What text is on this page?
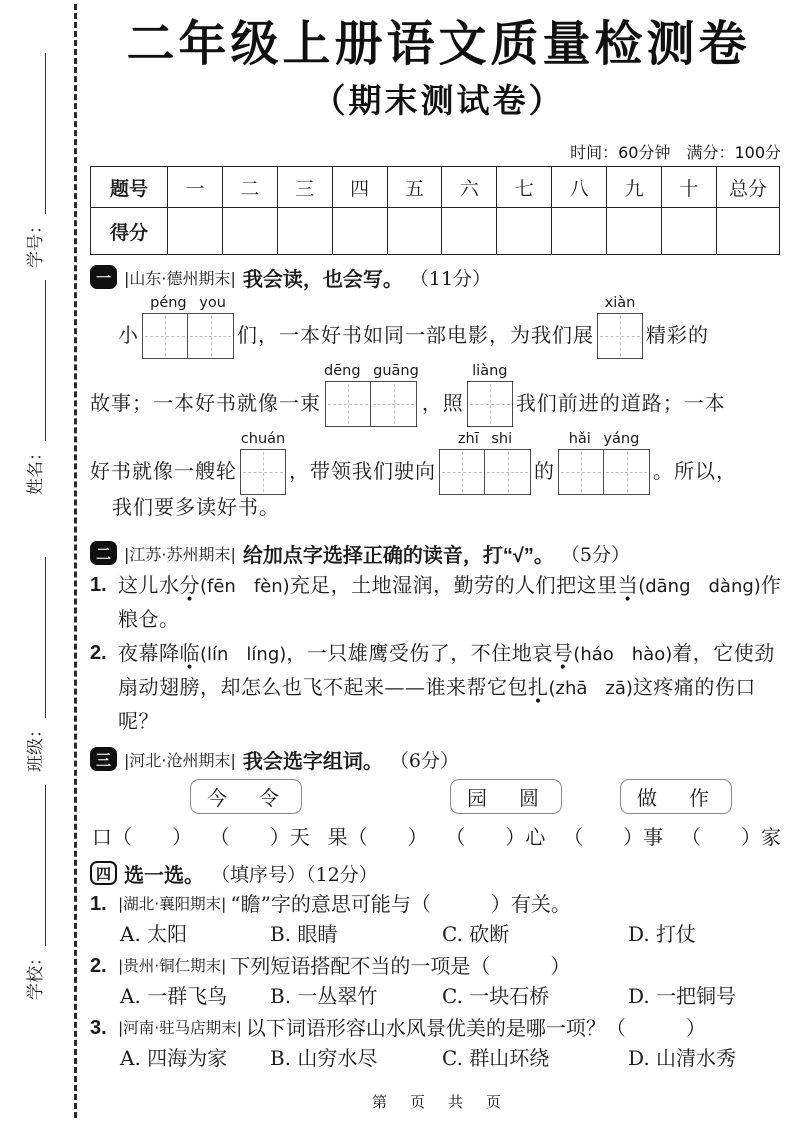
学号：
姓名：
班级：
学校：
二年级上册语文质量检测卷
（期末测试卷）
时间：60分钟　满分：100分
题号	一	二	三	四	五	六	七	八	九	十	总分
得分											
一 |山东·德州期末| 我会读，也会写。 （11分）
小
péng you
们，一本好书如同一部电影，为我们展
xiàn
精彩的
故事；一本好书就像一束
dēng guāng
，照
liàng
我们前进的道路；一本
好书就像一艘轮
chuán
，带领我们驶向
zhī shi
的
hǎi yáng
。所以，
我们要多读好书。
二 |江苏·苏州期末| 给加点字选择正确的读音，打“√”。 （5分）
1. 这儿水分(fēn　fèn)充足，土地湿润，勤劳的人们把这里当(dāng　dàng)作粮仓。
2. 夜幕降临(lín　líng)，一只雄鹰受伤了，不住地哀号(háo　hào)着，它使劲扇动翅膀，却怎么也飞不起来——谁来帮它包扎(zhā　zā)这疼痛的伤口呢？
三 |河北·沧州期末| 我会选字组词。 （6分）
今　令	园　圆	做　作
口（　　） （　　）天 果（　　） （　　）心 （　　）事 （　　）家
四 选一选。 （填序号）（12分）
1. |湖北·襄阳期末| “瞻”字的意思可能与（　　　）有关。
A. 太阳	B. 眼睛	C. 砍断	D. 打仗
2. |贵州·铜仁期末| 下列短语搭配不当的一项是（　　　）
A. 一群飞鸟	B. 一丛翠竹	C. 一块石桥	D. 一把铜号
3. |河南·驻马店期末| 以下词语形容山水风景优美的是哪一项？（　　　）
A. 四海为家	B. 山穷水尽	C. 群山环绕	D. 山清水秀
第　页　共　页
